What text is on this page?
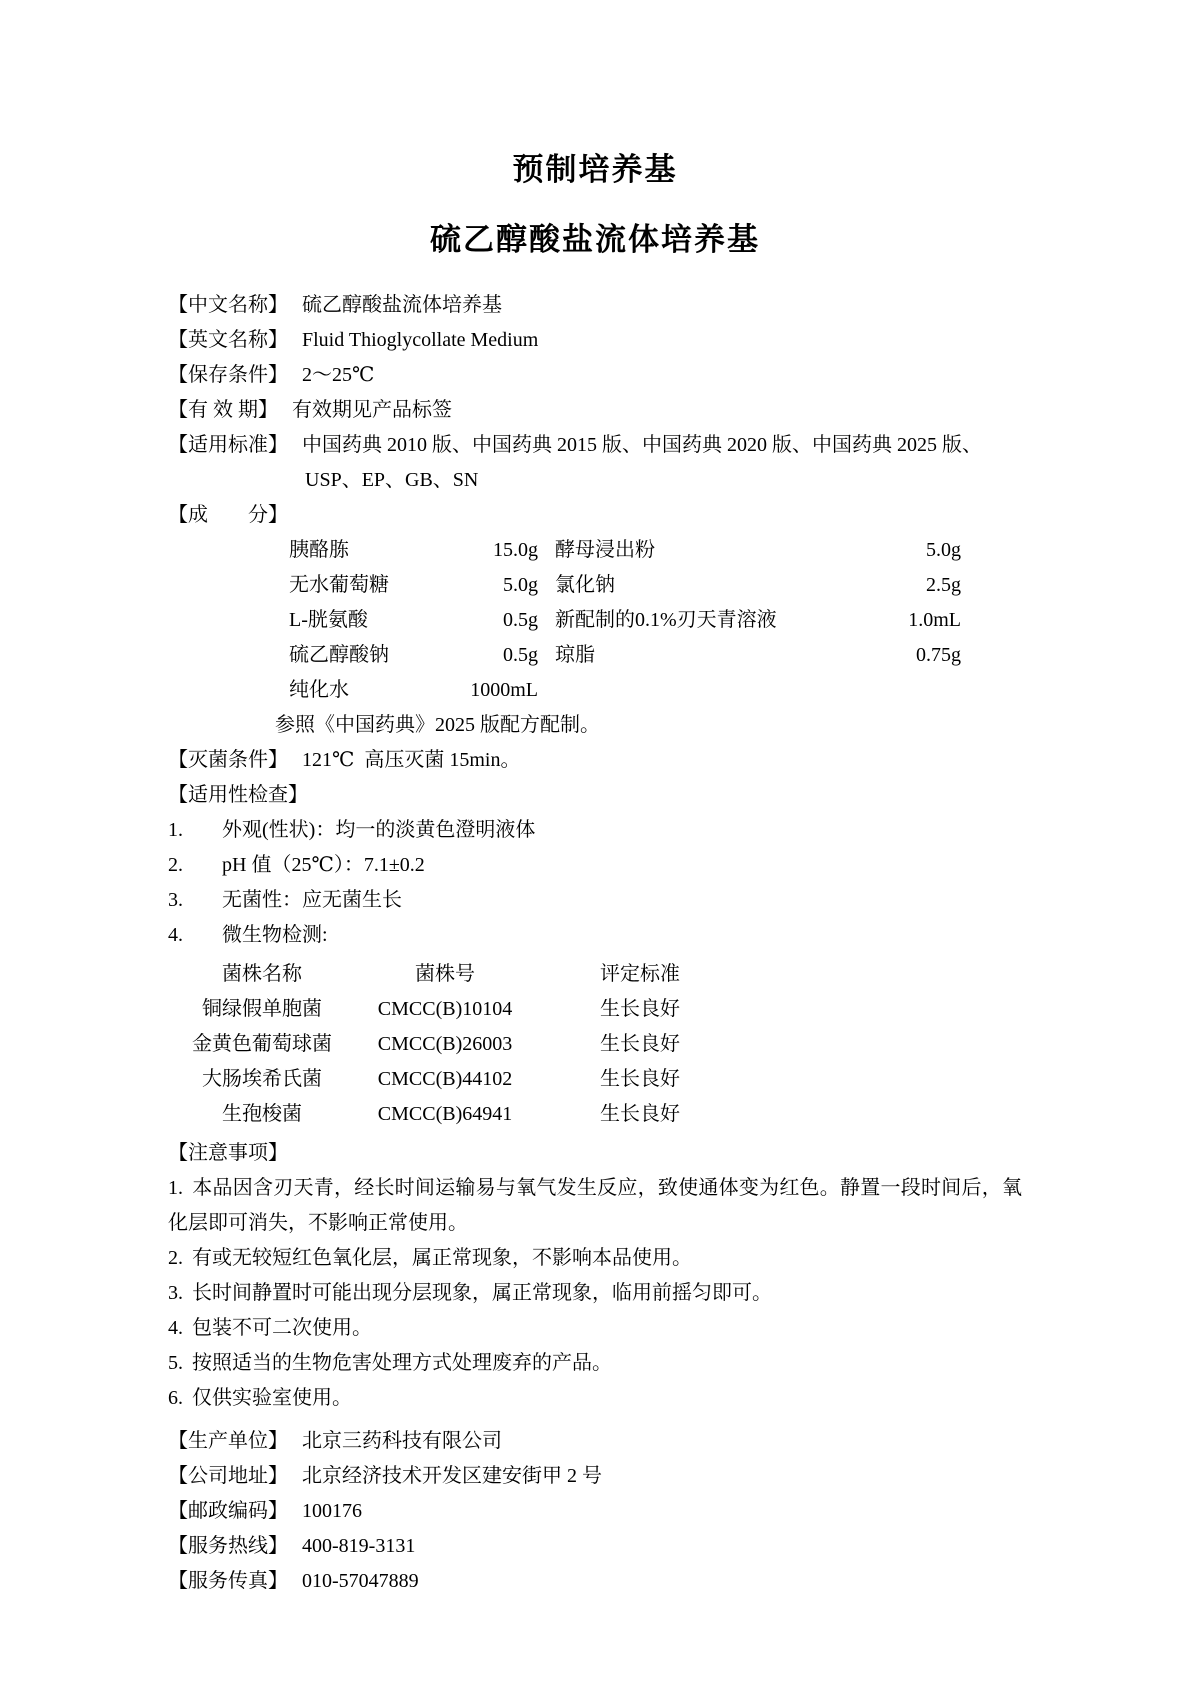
预制培养基
硫乙醇酸盐流体培养基
【中文名称】 硫乙醇酸盐流体培养基
【英文名称】 Fluid Thioglycollate Medium
【保存条件】 2～25℃
【有 效 期】 有效期见产品标签
【适用标准】 中国药典 2010 版、中国药典 2015 版、中国药典 2020 版、中国药典 2025 版、
USP、EP、GB、SN
【成　　分】
胰酪胨	15.0g 酵母浸出粉	5.0g
无水葡萄糖	5.0g 氯化钠	2.5g
L-胱氨酸	0.5g 新配制的0.1%刃天青溶液	1.0mL
硫乙醇酸钠	0.5g 琼脂	0.75g
纯化水	1000mL
参照《中国药典》2025 版配方配制。
【灭菌条件】 121℃  高压灭菌 15min。
【适用性检查】
1.	外观(性状)：均一的淡黄色澄明液体
2.	pH 值（25℃）：7.1±0.2
3.	无菌性：应无菌生长
4.	微生物检测:
菌株名称	菌株号	评定标准
铜绿假单胞菌	CMCC(B)10104	生长良好
金黄色葡萄球菌	CMCC(B)26003	生长良好
大肠埃希氏菌	CMCC(B)44102	生长良好
生孢梭菌	CMCC(B)64941	生长良好
【注意事项】
1. 本品因含刃天青，经长时间运输易与氧气发生反应，致使通体变为红色。静置一段时间后，氧化层即可消失，不影响正常使用。
2. 有或无较短红色氧化层，属正常现象，不影响本品使用。
3. 长时间静置时可能出现分层现象，属正常现象，临用前摇匀即可。
4. 包装不可二次使用。
5. 按照适当的生物危害处理方式处理废弃的产品。
6. 仅供实验室使用。
【生产单位】 北京三药科技有限公司
【公司地址】 北京经济技术开发区建安街甲 2 号
【邮政编码】 100176
【服务热线】 400-819-3131
【服务传真】 010-57047889
